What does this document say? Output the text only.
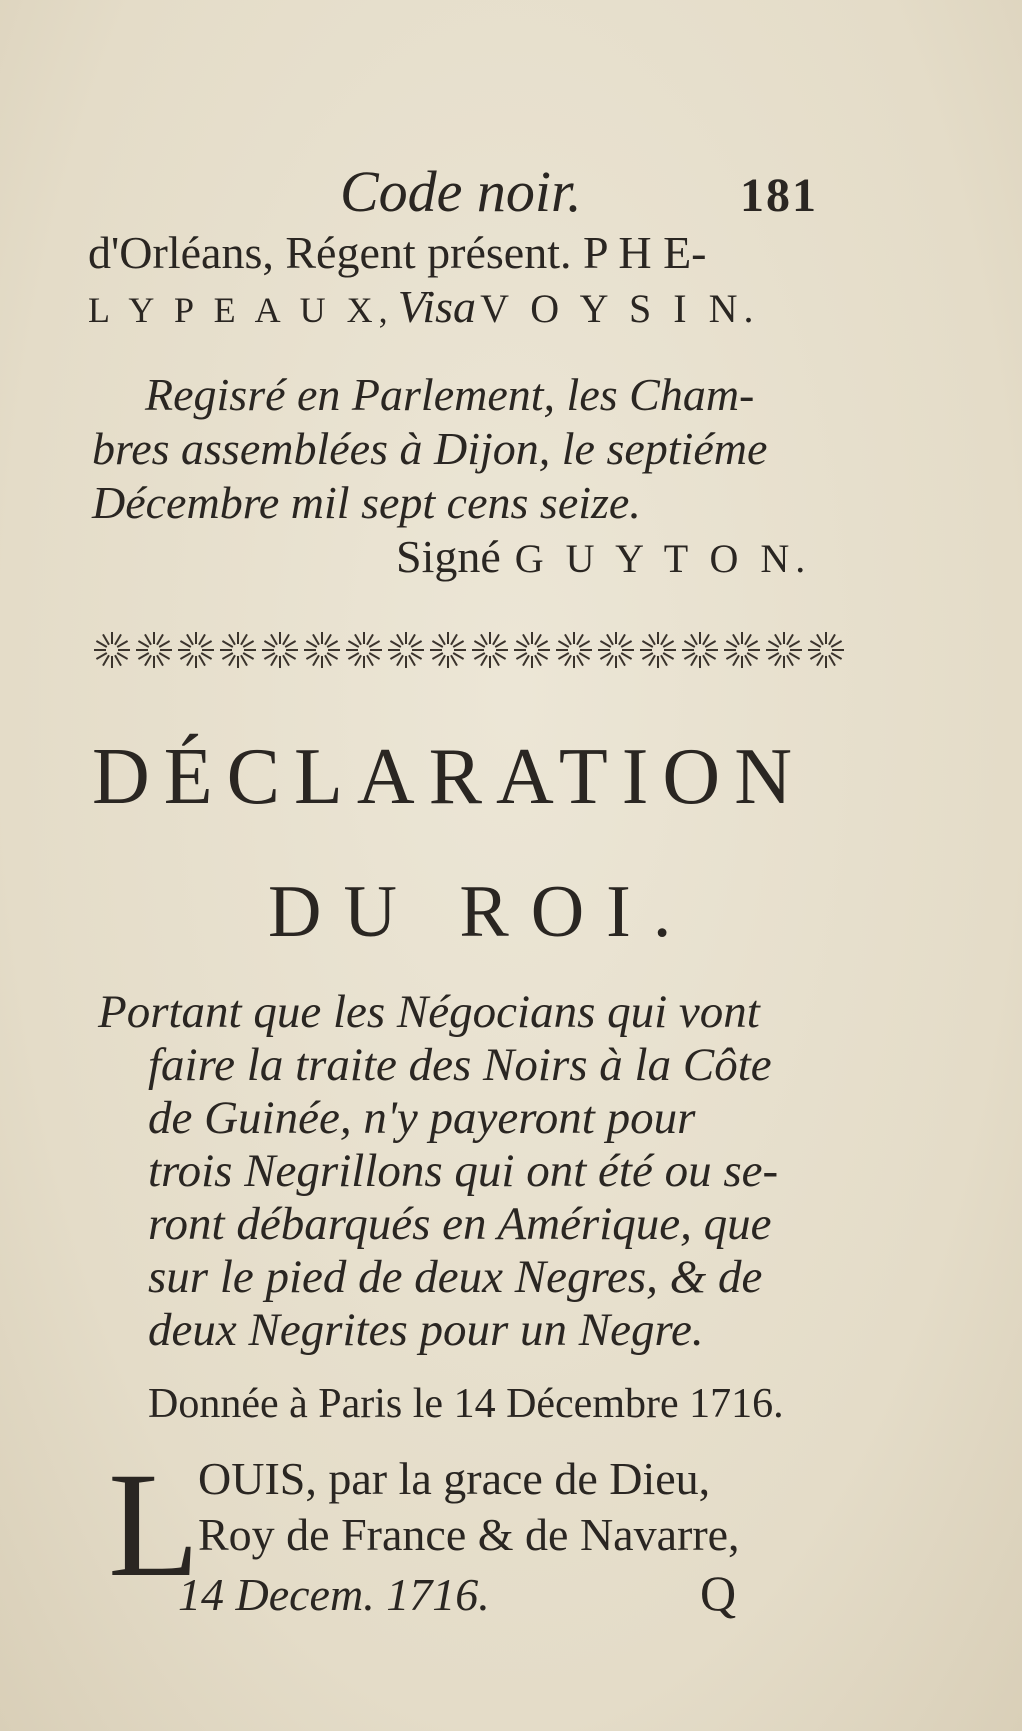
Code noir.	181
d'Orléans, Régent présent. P H E-
L Y P E A U X, Visa V O Y S I N.
Regisré en Parlement, les Cham-
bres assemblées à Dijon, le septiéme
Décembre mil sept cens seize.
Signé G U Y T O N.
DÉCLARATION
DU ROI.
Portant que les Négocians qui vont
faire la traite des Noirs à la Côte
de Guinée, n'y payeront pour
trois Negrillons qui ont été ou se-
ront débarqués en Amérique, que
sur le pied de deux Negres, & de
deux Negrites pour un Negre.
Donnée à Paris le 14 Décembre 1716.
L
OUIS, par la grace de Dieu,
Roy de France & de Navarre,
14 Decem. 1716.	Q
